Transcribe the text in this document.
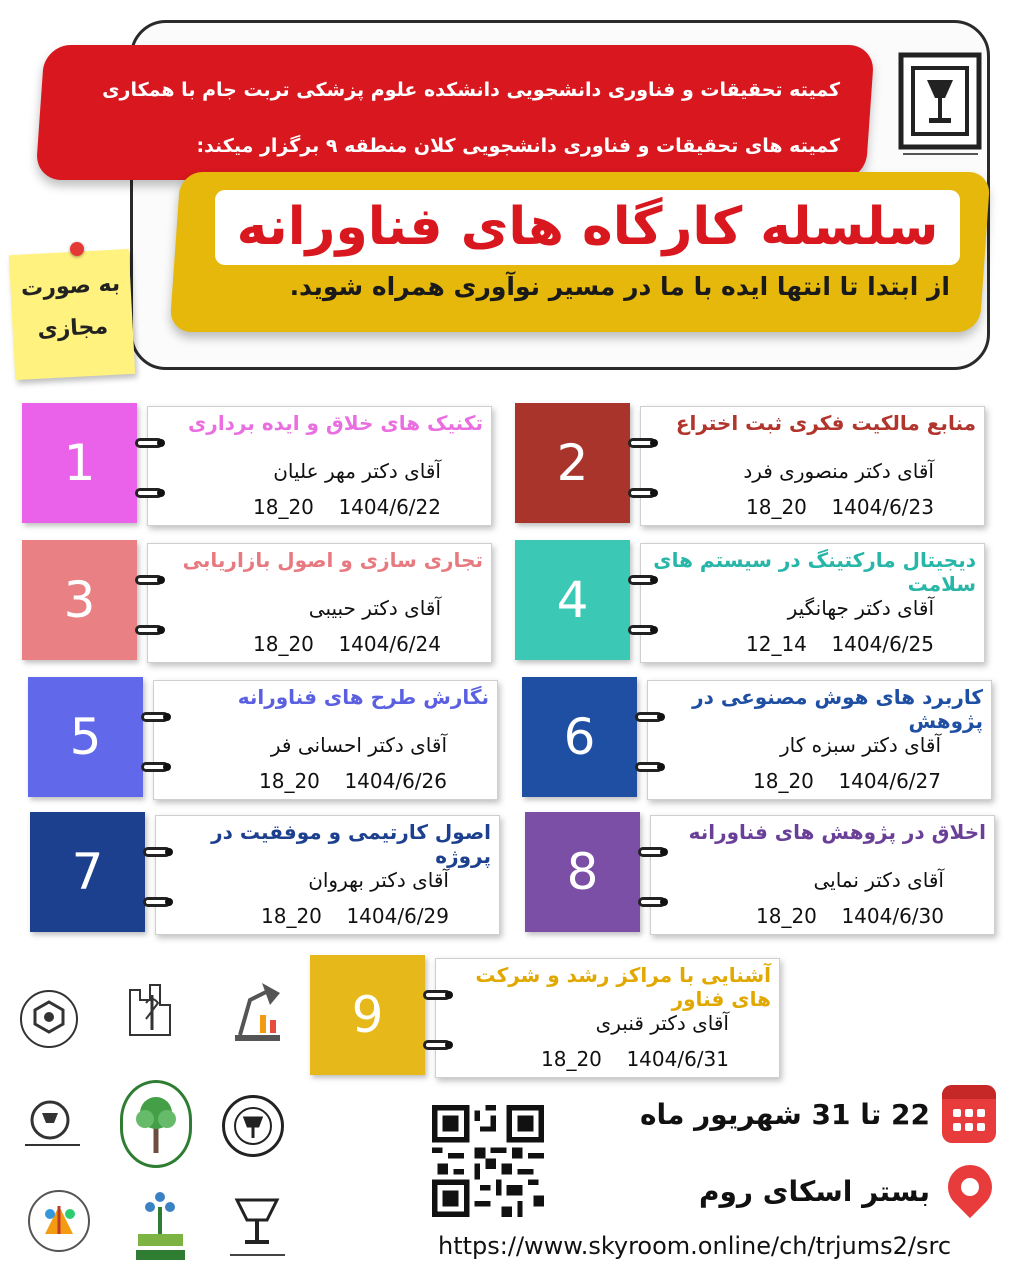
کمیته تحقیقات و فناوری دانشجویی دانشکده علوم پزشکی تربت جام با همکاری
کمیته های تحقیقات و فناوری دانشجویی کلان منطقه ۹ برگزار میکند:
سلسله کارگاه های فناورانه
از ابتدا تا انتها ایده با ما در مسیر نوآوری همراه شوید.
به صورت
مجازی
1
تکنیک های خلاق و ایده برداری
آقای دکتر مهر علیان
1404/6/22
18_20
2
منابع مالکیت فکری ثبت اختراع
آقای دکتر منصوری فرد
1404/6/23
18_20
3
تجاری سازی و اصول بازاریابی
آقای دکتر حبیبی
1404/6/24
18_20
4
دیجیتال مارکتینگ در سیستم های سلامت
آقای دکتر جهانگیر
1404/6/25
12_14
5
نگارش طرح های فناورانه
آقای دکتر احسانی فر
1404/6/26
18_20
6
کاربرد های هوش مصنوعی در پژوهش
آقای دکتر سبزه کار
1404/6/27
18_20
7
اصول کارتیمی و موفقیت در پروژه
آقای دکتر بهروان
1404/6/29
18_20
8
اخلاق در پژوهش های فناورانه
آقای دکتر نمایی
1404/6/30
18_20
9
آشنایی با مراکز رشد و شرکت های فناور
آقای دکتر قنبری
1404/6/31
18_20
22 تا 31 شهریور ماه
بستر اسکای روم
https://www.skyroom.online/ch/trjums2/src
